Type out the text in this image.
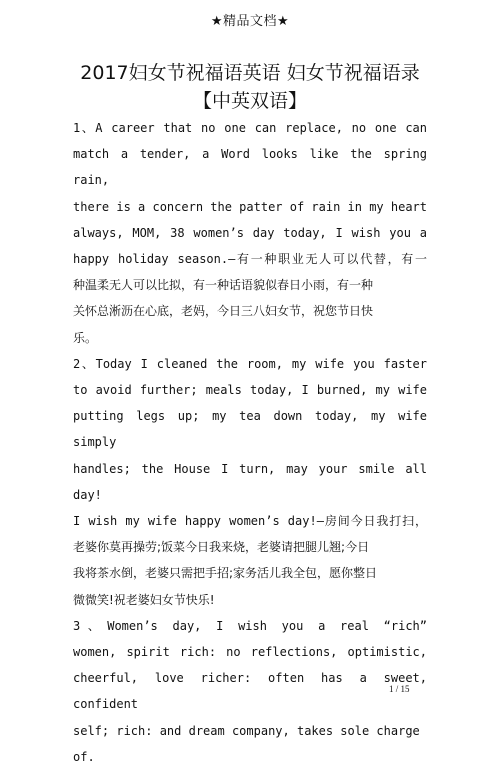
★精品文档★
2017妇女节祝福语英语 妇女节祝福语录
【中英双语】
1、A career that no one can replace, no one can
match a tender, a Word looks like the spring rain,
there is a concern the patter of rain in my heart
always, MOM, 38 women’s day today, I wish you a
happy holiday season.—有一种职业无人可以代替，有一
种温柔无人可以比拟，有一种话语貌似春日小雨，有一种
关怀总淅沥在心底，老妈，今日三八妇女节，祝您节日快
乐。
2、Today I cleaned the room, my wife you faster
to avoid further; meals today, I burned, my wife
putting legs up; my tea down today, my wife simply
handles; the House I turn, may your smile all day!
I wish my wife happy women’s day!—房间今日我打扫，
老婆你莫再操劳;饭菜今日我来烧，老婆请把腿儿翘;今日
我将茶水倒，老婆只需把手招;家务活儿我全包，愿你整日
微微笑!祝老婆妇女节快乐!
3、Women’s day, I wish you a real “rich”
women, spirit rich: no reflections, optimistic,
cheerful, love richer: often has a sweet, confident
self; rich: and dream company, takes sole charge of.
1 / 15
